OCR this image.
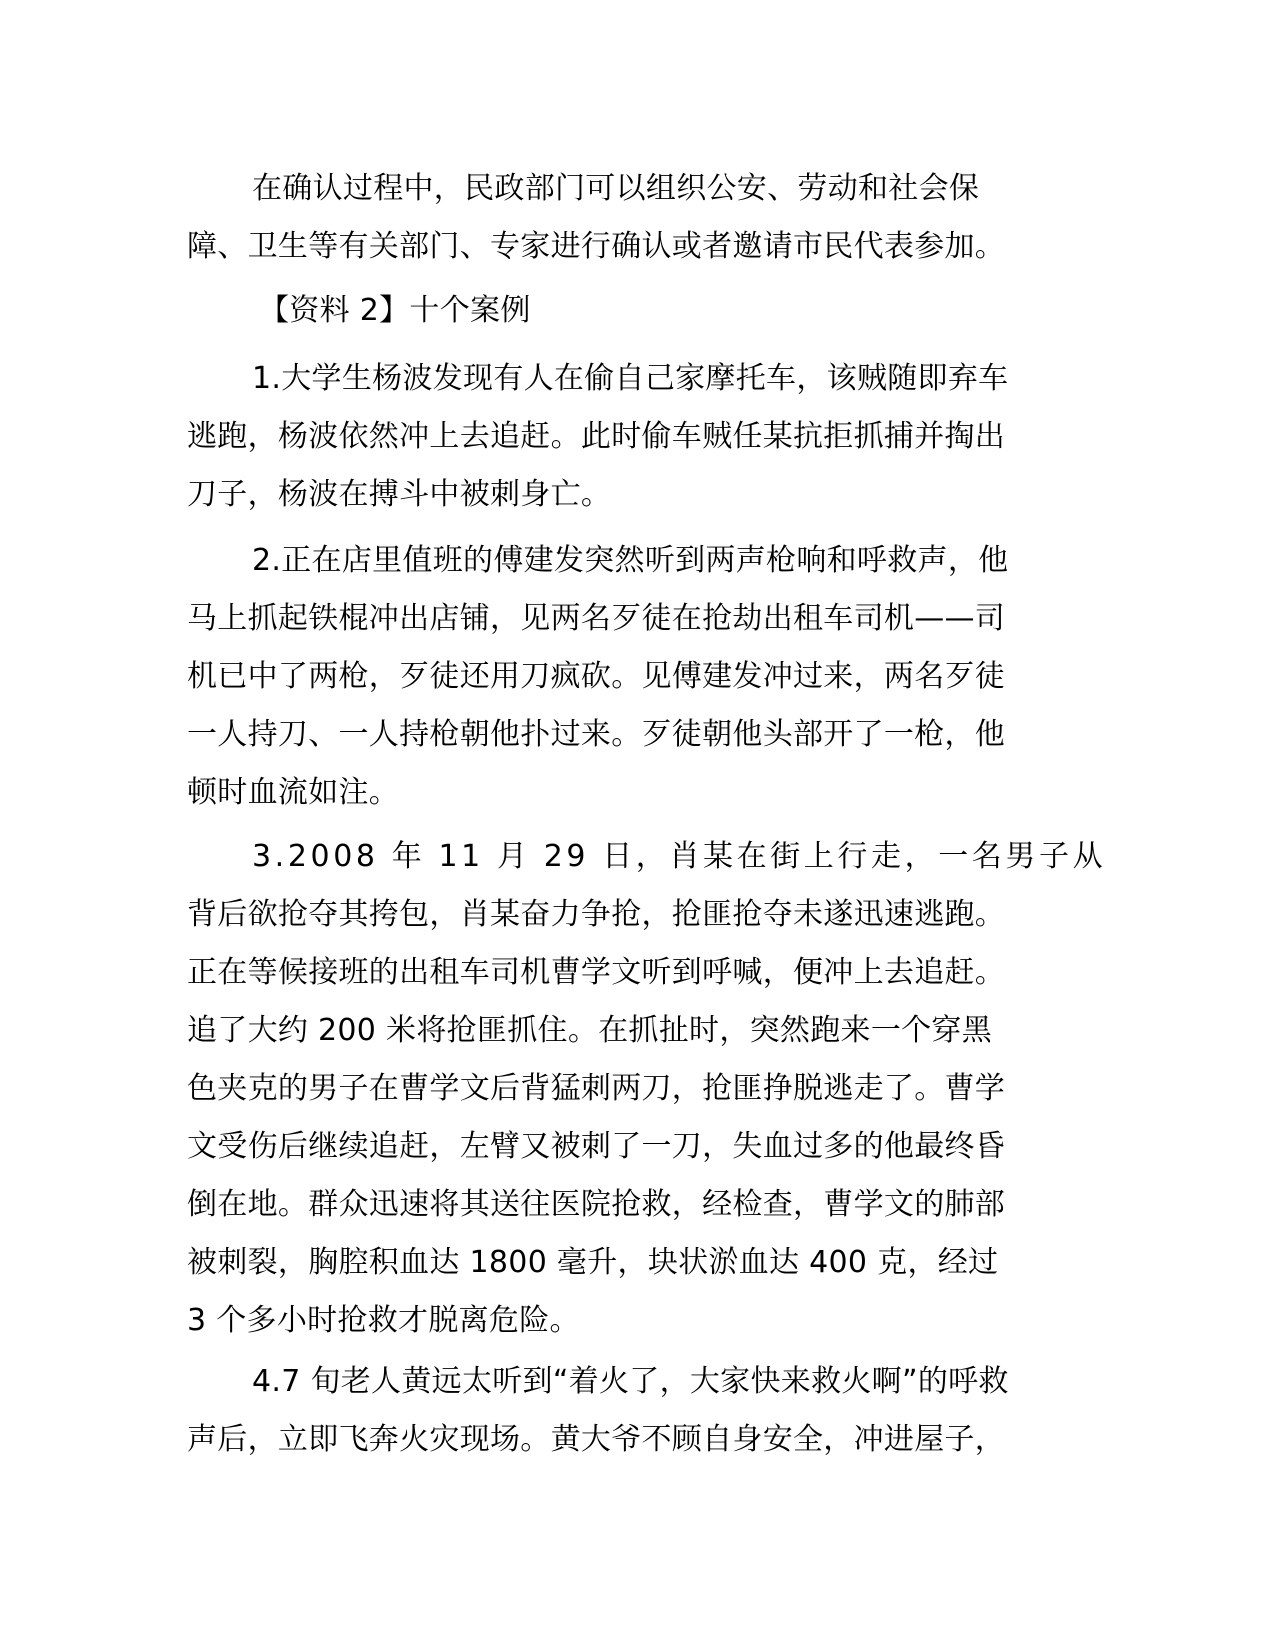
在确认过程中，民政部门可以组织公安、劳动和社会保
障、卫生等有关部门、专家进行确认或者邀请市民代表参加。
【资料 2】十个案例
1.大学生杨波发现有人在偷自己家摩托车，该贼随即弃车
逃跑，杨波依然冲上去追赶。此时偷车贼任某抗拒抓捕并掏出
刀子，杨波在搏斗中被刺身亡。
2.正在店里值班的傅建发突然听到两声枪响和呼救声，他
马上抓起铁棍冲出店铺，见两名歹徒在抢劫出租车司机——司
机已中了两枪，歹徒还用刀疯砍。见傅建发冲过来，两名歹徒
一人持刀、一人持枪朝他扑过来。歹徒朝他头部开了一枪，他
顿时血流如注。
3.2008 年 11 月 29 日，肖某在街上行走，一名男子从
背后欲抢夺其挎包，肖某奋力争抢，抢匪抢夺未遂迅速逃跑。
正在等候接班的出租车司机曹学文听到呼喊，便冲上去追赶。
追了大约 200 米将抢匪抓住。在抓扯时，突然跑来一个穿黑
色夹克的男子在曹学文后背猛刺两刀，抢匪挣脱逃走了。曹学
文受伤后继续追赶，左臂又被刺了一刀，失血过多的他最终昏
倒在地。群众迅速将其送往医院抢救，经检查，曹学文的肺部
被刺裂，胸腔积血达 1800 毫升，块状淤血达 400 克，经过
3 个多小时抢救才脱离危险。
4.7 旬老人黄远太听到“着火了，大家快来救火啊”的呼救
声后，立即飞奔火灾现场。黄大爷不顾自身安全，冲进屋子，
